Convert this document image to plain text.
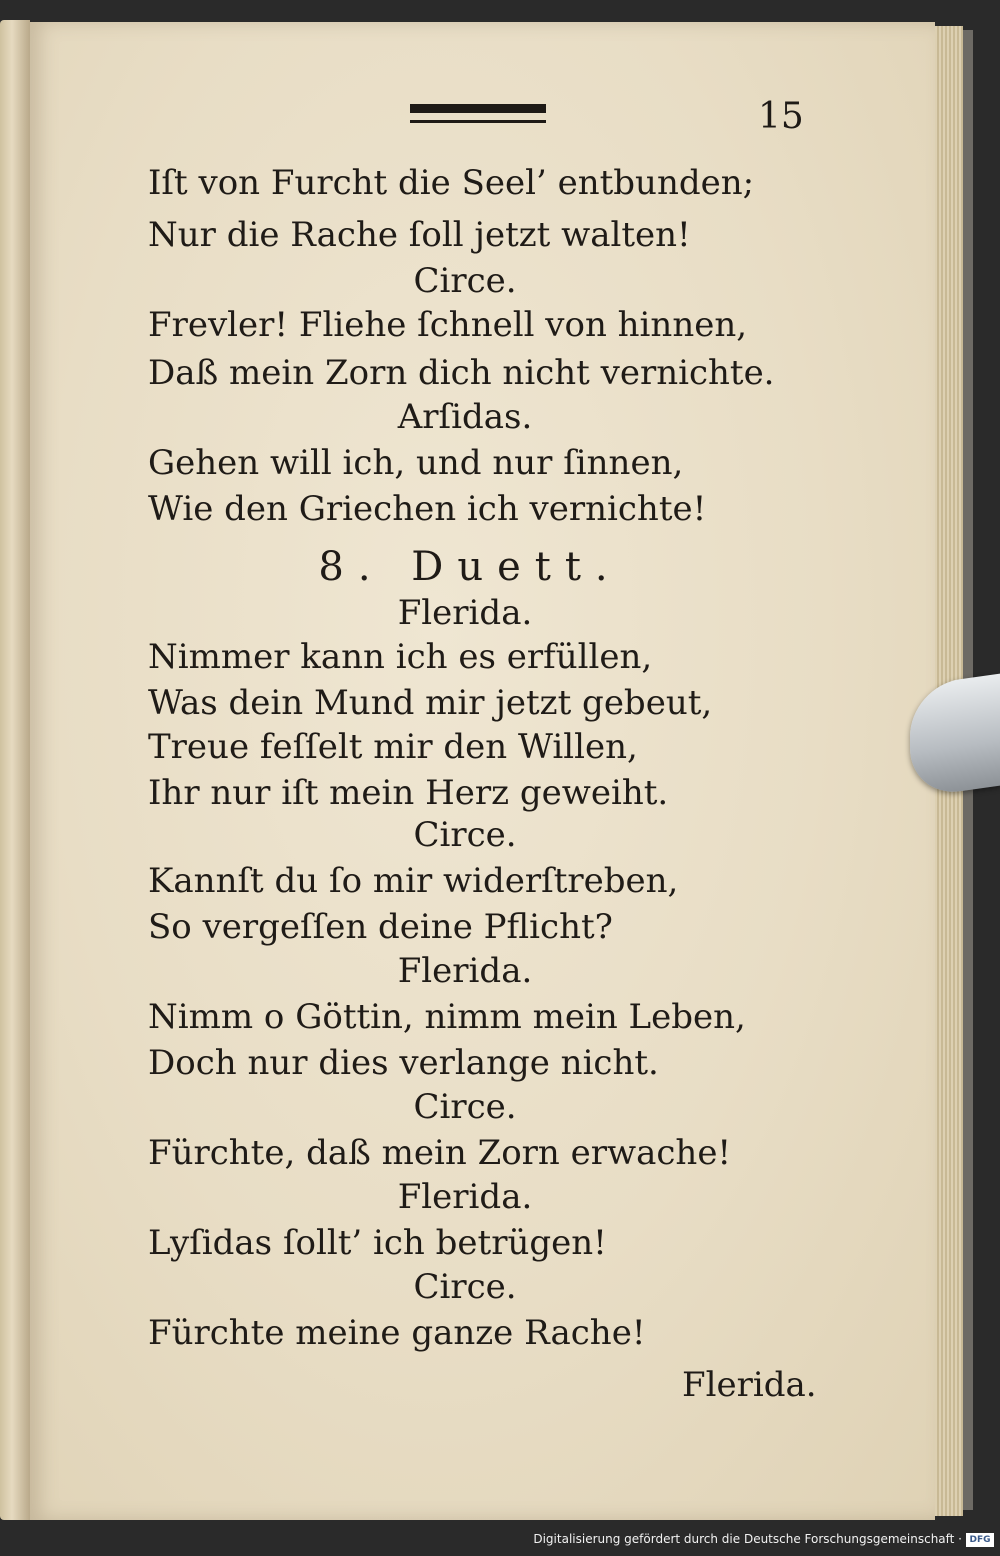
15
Iſt von Furcht die Seel’ entbunden;
Nur die Rache ſoll jetzt walten!
Circe.
Frevler! Fliehe ſchnell von hinnen,
Daß mein Zorn dich nicht vernichte.
Arſidas.
Gehen will ich, und nur ſinnen,
Wie den Griechen ich vernichte!
8. Duett.
Flerida.
Nimmer kann ich es erfüllen,
Was dein Mund mir jetzt gebeut,
Treue feſſelt mir den Willen,
Ihr nur iſt mein Herz geweiht.
Circe.
Kannſt du ſo mir widerſtreben,
So vergeſſen deine Pflicht?
Flerida.
Nimm o Göttin, nimm mein Leben,
Doch nur dies verlange nicht.
Circe.
Fürchte, daß mein Zorn erwache!
Flerida.
Lyſidas ſollt’ ich betrügen!
Circe.
Fürchte meine ganze Rache!
Flerida.
Digitalisierung gefördert durch die Deutsche Forschungsgemeinschaft · DFG
